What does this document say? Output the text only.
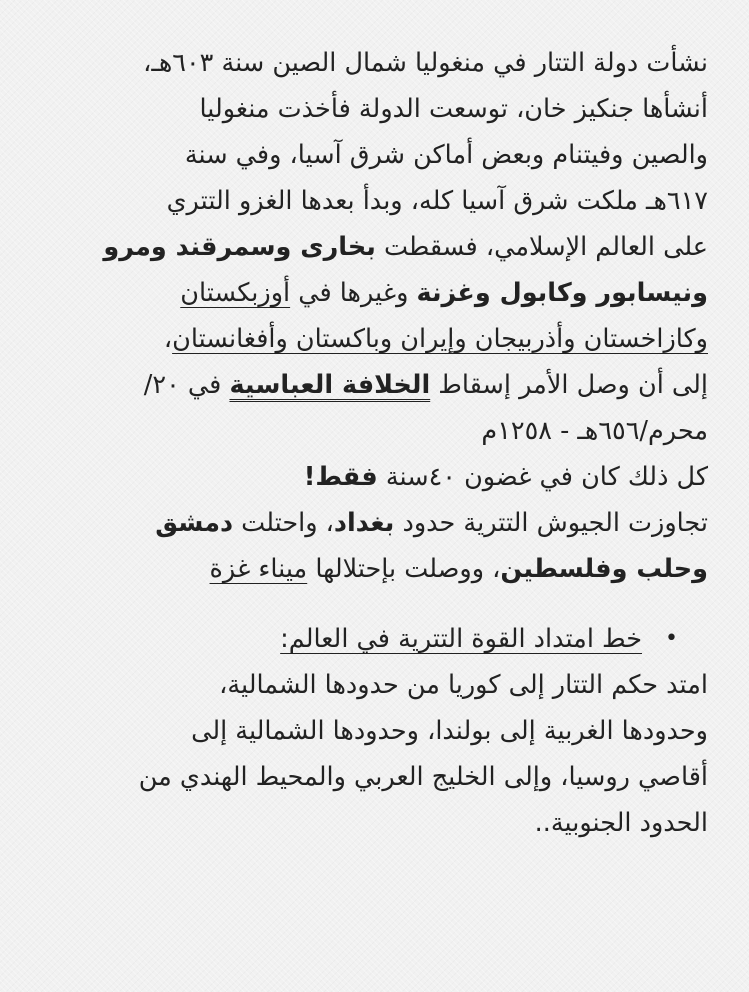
نشأت دولة التتار في منغوليا شمال الصين سنة ٦٠٣هـ،
أنشأها جنكيز خان، توسعت الدولة فأخذت منغوليا
والصين وفيتنام وبعض أماكن شرق آسيا، وفي سنة
٦١٧هـ ملكت شرق آسيا كله، وبدأ بعدها الغزو التتري
على العالم الإسلامي، فسقطت بخارى وسمرقند ومرو
ونيسابور وكابول وغزنة وغيرها في أوزبكستان
وكازاخستان وأذربيجان وإيران وباكستان وأفغانستان،
إلى أن وصل الأمر إسقاط الخلافة العباسية في ٢٠/
محرم/٦٥٦هـ - ١٢٥٨م
كل ذلك كان في غضون ٤٠سنة فقط!
تجاوزت الجيوش التترية حدود بغداد، واحتلت دمشق
وحلب وفلسطين، ووصلت بإحتلالها ميناء غزة
•
خط امتداد القوة التترية في العالم:
امتد حكم التتار إلى كوريا من حدودها الشمالية،
وحدودها الغربية إلى بولندا، وحدودها الشمالية إلى
أقاصي روسيا، وإلى الخليج العربي والمحيط الهندي من
الحدود الجنوبية..
